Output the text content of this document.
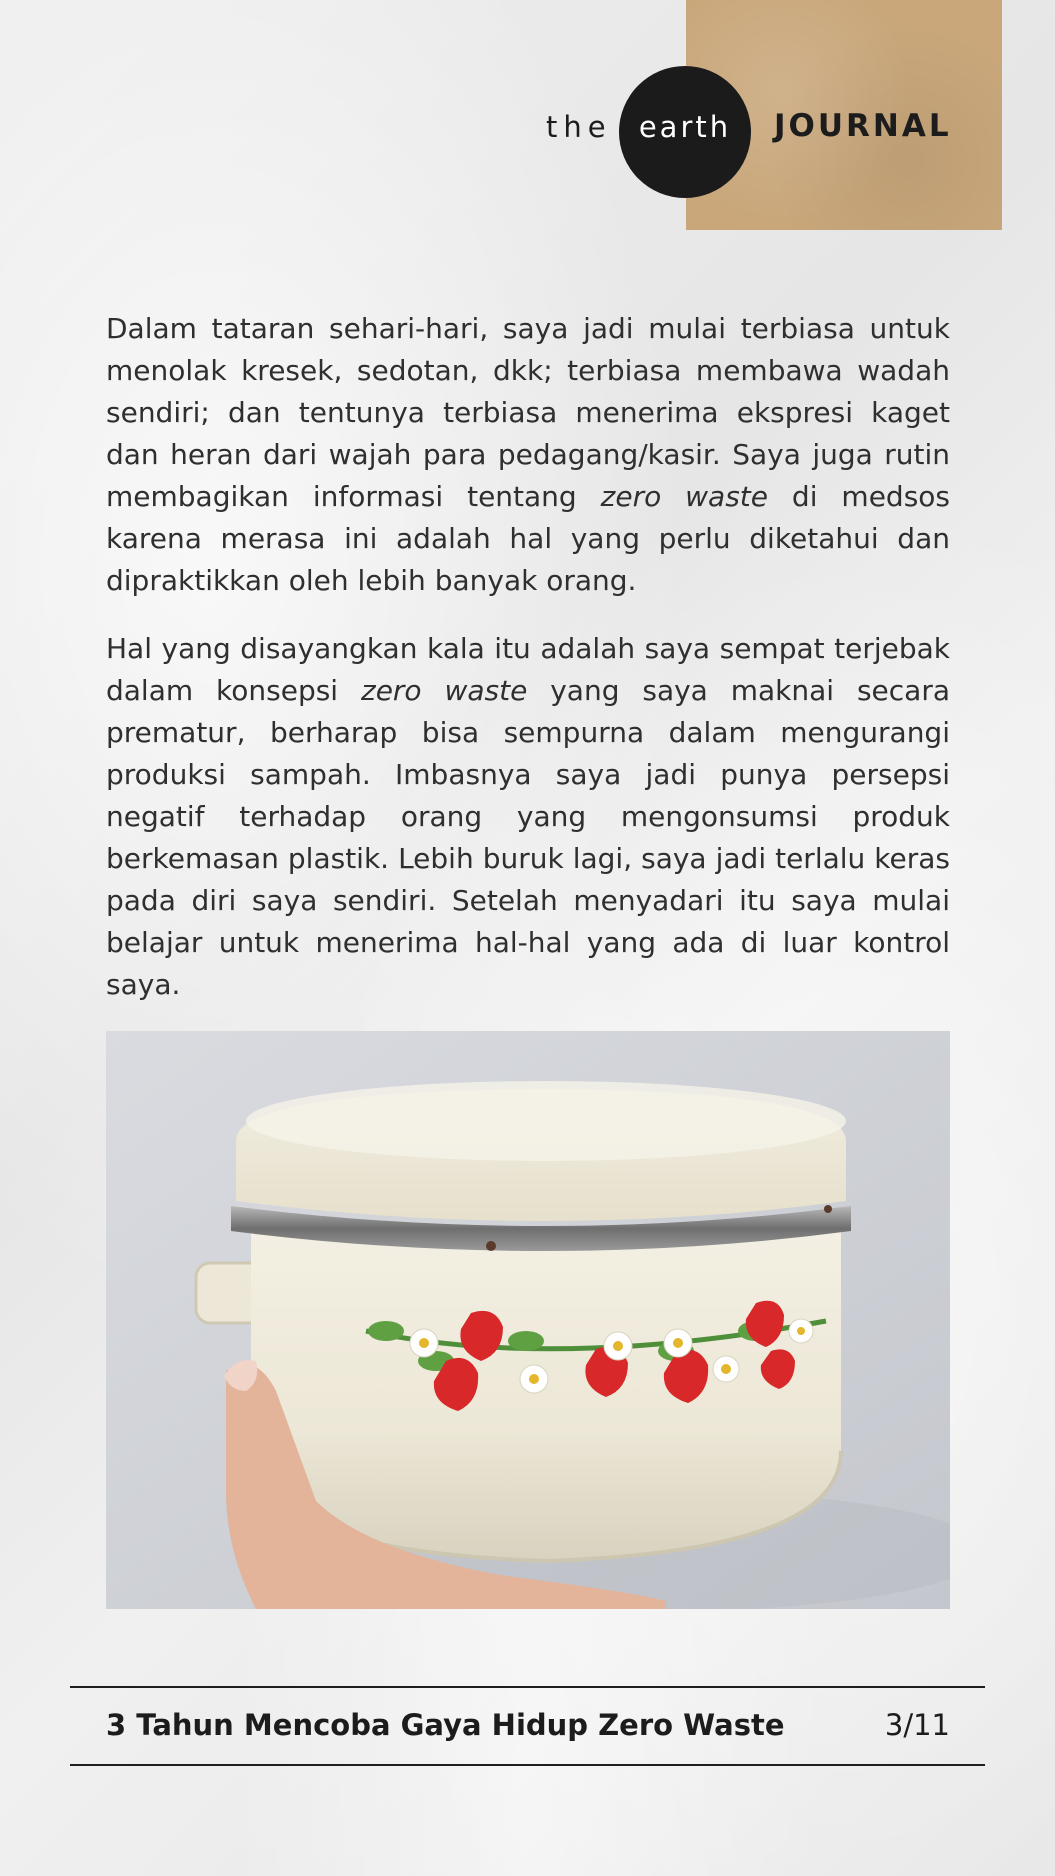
the earth	JOURNAL

Dalam tataran sehari-hari, saya jadi mulai terbiasa untuk menolak kresek, sedotan, dkk; terbiasa membawa wadah sendiri; dan tentunya terbiasa menerima ekspresi kaget dan heran dari wajah para pedagang/kasir. Saya juga rutin membagikan informasi tentang zero waste di medsos karena merasa ini adalah hal yang perlu diketahui dan dipraktikkan oleh lebih banyak orang.

Hal yang disayangkan kala itu adalah saya sempat terjebak dalam konsepsi zero waste yang saya maknai secara prematur, berharap bisa sempurna dalam mengurangi produksi sampah. Imbasnya saya jadi punya persepsi negatif terhadap orang yang mengonsumsi produk berkemasan plastik. Lebih buruk lagi, saya jadi terlalu keras pada diri saya sendiri. Setelah menyadari itu saya mulai belajar untuk menerima hal-hal yang ada di luar kontrol saya.

3 Tahun Mencoba Gaya Hidup Zero Waste	3/11
